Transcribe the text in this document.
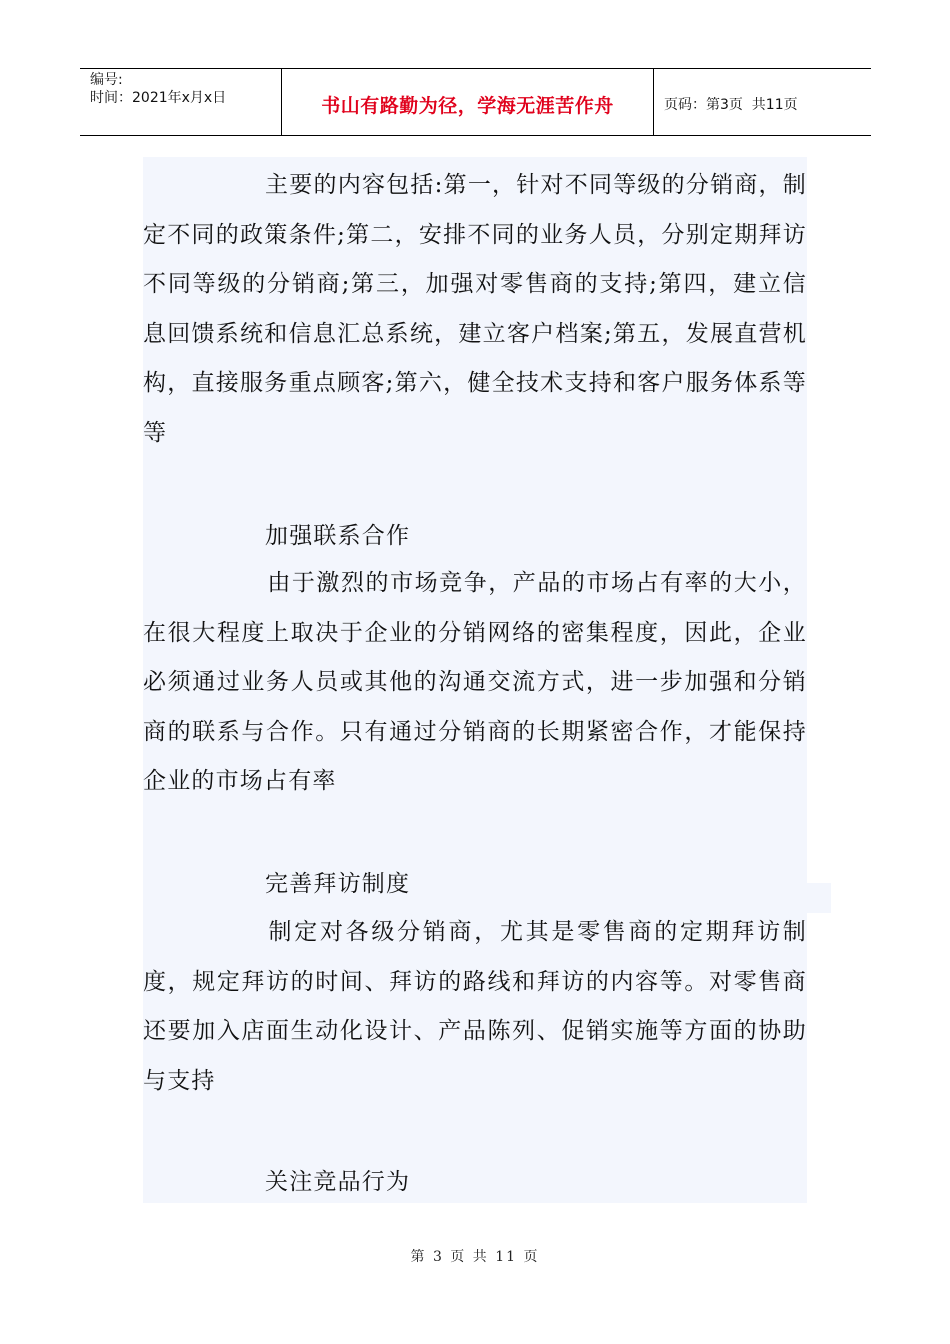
编号:
时间：2021年x月x日	书山有路勤为径，学海无涯苦作舟	页码：第3页  共11页

主要的内容包括:第一，针对不同等级的分销商，制定不同的政策条件;第二，安排不同的业务人员，分别定期拜访不同等级的分销商;第三，加强对零售商的支持;第四，建立信息回馈系统和信息汇总系统，建立客户档案;第五，发展直营机构，直接服务重点顾客;第六，健全技术支持和客户服务体系等等

加强联系合作

由于激烈的市场竞争，产品的市场占有率的大小，在很大程度上取决于企业的分销网络的密集程度，因此，企业必须通过业务人员或其他的沟通交流方式，进一步加强和分销商的联系与合作。只有通过分销商的长期紧密合作，才能保持企业的市场占有率

完善拜访制度

制定对各级分销商，尤其是零售商的定期拜访制度，规定拜访的时间、拜访的路线和拜访的内容等。对零售商还要加入店面生动化设计、产品陈列、促销实施等方面的协助与支持

关注竞品行为

第 3 页 共 11 页
